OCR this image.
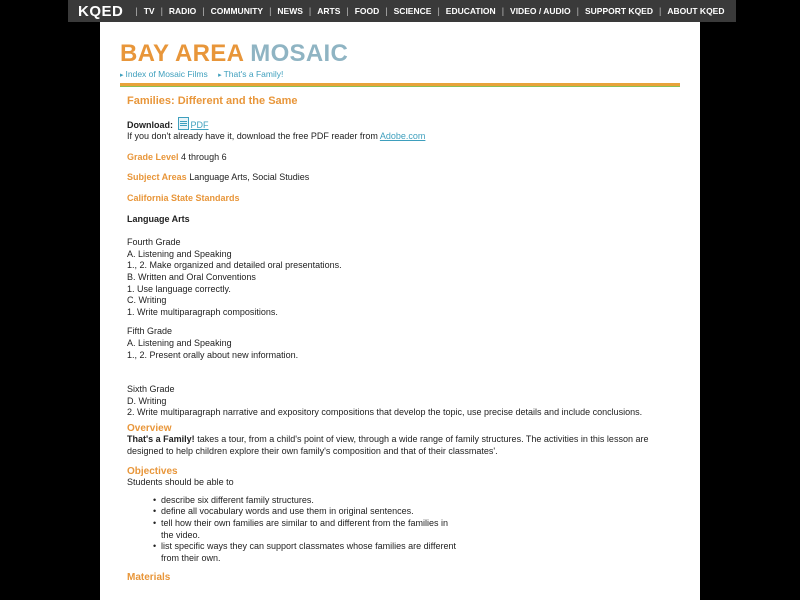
KQED	| TV | RADIO | COMMUNITY | NEWS | ARTS | FOOD | SCIENCE | EDUCATION | VIDEO / AUDIO | SUPPORT KQED | ABOUT KQED
BAY AREA MOSAIC
▸ Index of Mosaic Films ▸ That's a Family!
Families: Different and the Same

Download: PDF

If you don't already have it, download the free PDF reader from Adobe.com

Grade Level 4 through 6

Subject Areas Language Arts, Social Studies

California State Standards

Language Arts

Fourth Grade

A. Listening and Speaking

1., 2. Make organized and detailed oral presentations.

B. Written and Oral Conventions

1. Use language correctly.

C. Writing

1. Write multiparagraph compositions.

Fifth Grade

A. Listening and Speaking

1., 2. Present orally about new information.

Sixth Grade

D. Writing

2. Write multiparagraph narrative and expository compositions that develop the topic, use precise details and include conclusions.

Overview

That's a Family! takes a tour, from a child's point of view, through a wide range of family structures. The activities in this lesson are designed to help children explore their own family's composition and that of their classmates'.

Objectives

Students should be able to

• describe six different family structures.
• define all vocabulary words and use them in original sentences.
• tell how their own families are similar to and different from the families in the video.
• list specific ways they can support classmates whose families are different from their own.

Materials
